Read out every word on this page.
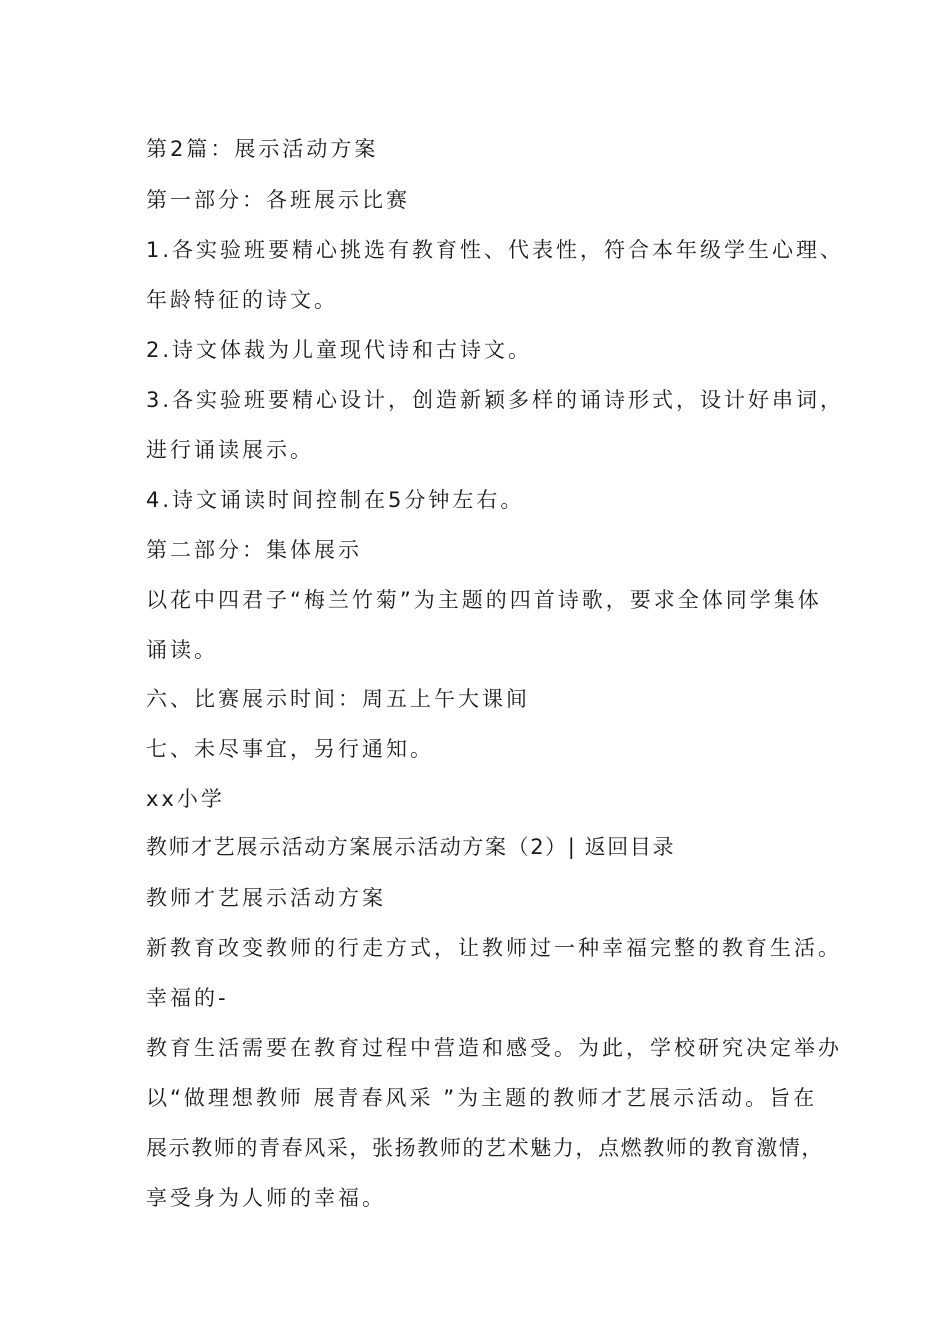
第2篇：展示活动方案

第一部分：各班展示比赛

1.各实验班要精心挑选有教育性、代表性，符合本年级学生心理、

年龄特征的诗文。

2.诗文体裁为儿童现代诗和古诗文。

3.各实验班要精心设计，创造新颖多样的诵诗形式，设计好串词，

进行诵读展示。

4.诗文诵读时间控制在5分钟左右。

第二部分：集体展示

以花中四君子“梅兰竹菊”为主题的四首诗歌，要求全体同学集体

诵读。

六、比赛展示时间：周五上午大课间

七、未尽事宜，另行通知。

xx小学

教师才艺展示活动方案展示活动方案（2）| 返回目录

教师才艺展示活动方案

新教育改变教师的行走方式，让教师过一种幸福完整的教育生活。

幸福的-

教育生活需要在教育过程中营造和感受。为此，学校研究决定举办

以“做理想教师 展青春风采 ”为主题的教师才艺展示活动。旨在

展示教师的青春风采，张扬教师的艺术魅力，点燃教师的教育激情，

享受身为人师的幸福。
